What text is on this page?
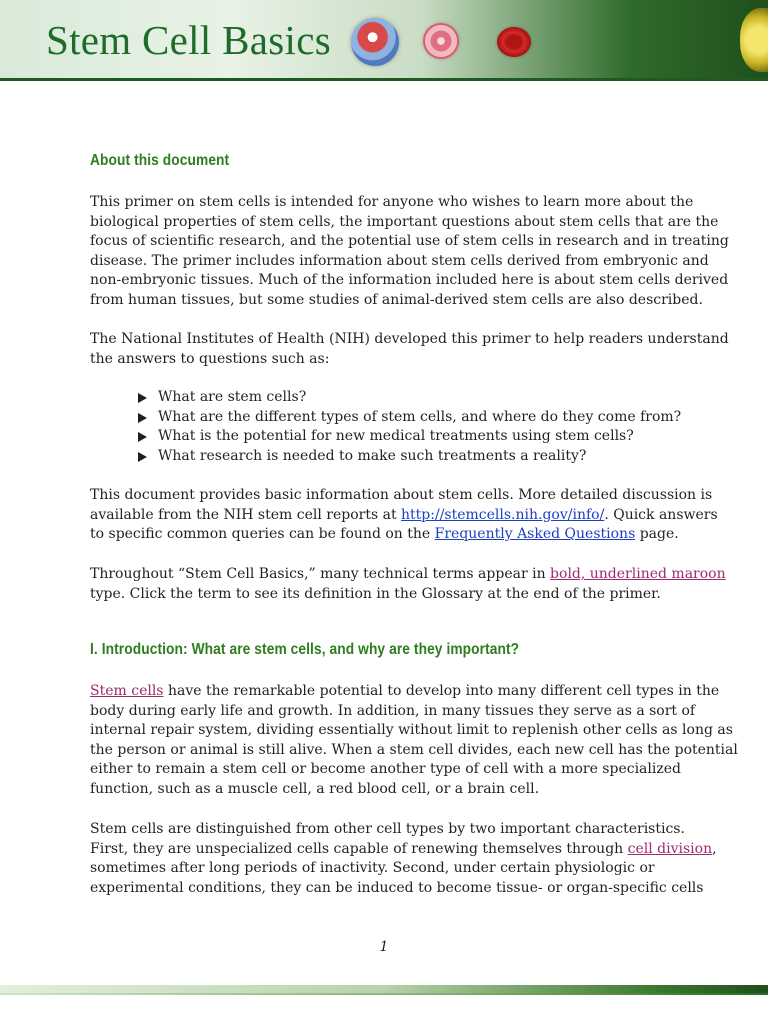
Stem Cell Basics
About this document
This primer on stem cells is intended for anyone who wishes to learn more about the
biological properties of stem cells, the important questions about stem cells that are the
focus of scientific research, and the potential use of stem cells in research and in treating
disease. The primer includes information about stem cells derived from embryonic and
non-embryonic tissues. Much of the information included here is about stem cells derived
from human tissues, but some studies of animal-derived stem cells are also described.
The National Institutes of Health (NIH) developed this primer to help readers understand
the answers to questions such as:
What are stem cells?
What are the different types of stem cells, and where do they come from?
What is the potential for new medical treatments using stem cells?
What research is needed to make such treatments a reality?
This document provides basic information about stem cells. More detailed discussion is
available from the NIH stem cell reports at http://stemcells.nih.gov/info/. Quick answers
to specific common queries can be found on the Frequently Asked Questions page.
Throughout “Stem Cell Basics,” many technical terms appear in bold, underlined maroon
type. Click the term to see its definition in the Glossary at the end of the primer.
I. Introduction: What are stem cells, and why are they important?
Stem cells have the remarkable potential to develop into many different cell types in the
body during early life and growth. In addition, in many tissues they serve as a sort of
internal repair system, dividing essentially without limit to replenish other cells as long as
the person or animal is still alive. When a stem cell divides, each new cell has the potential
either to remain a stem cell or become another type of cell with a more specialized
function, such as a muscle cell, a red blood cell, or a brain cell.
Stem cells are distinguished from other cell types by two important characteristics.
First, they are unspecialized cells capable of renewing themselves through cell division,
sometimes after long periods of inactivity. Second, under certain physiologic or
experimental conditions, they can be induced to become tissue- or organ-specific cells
1
